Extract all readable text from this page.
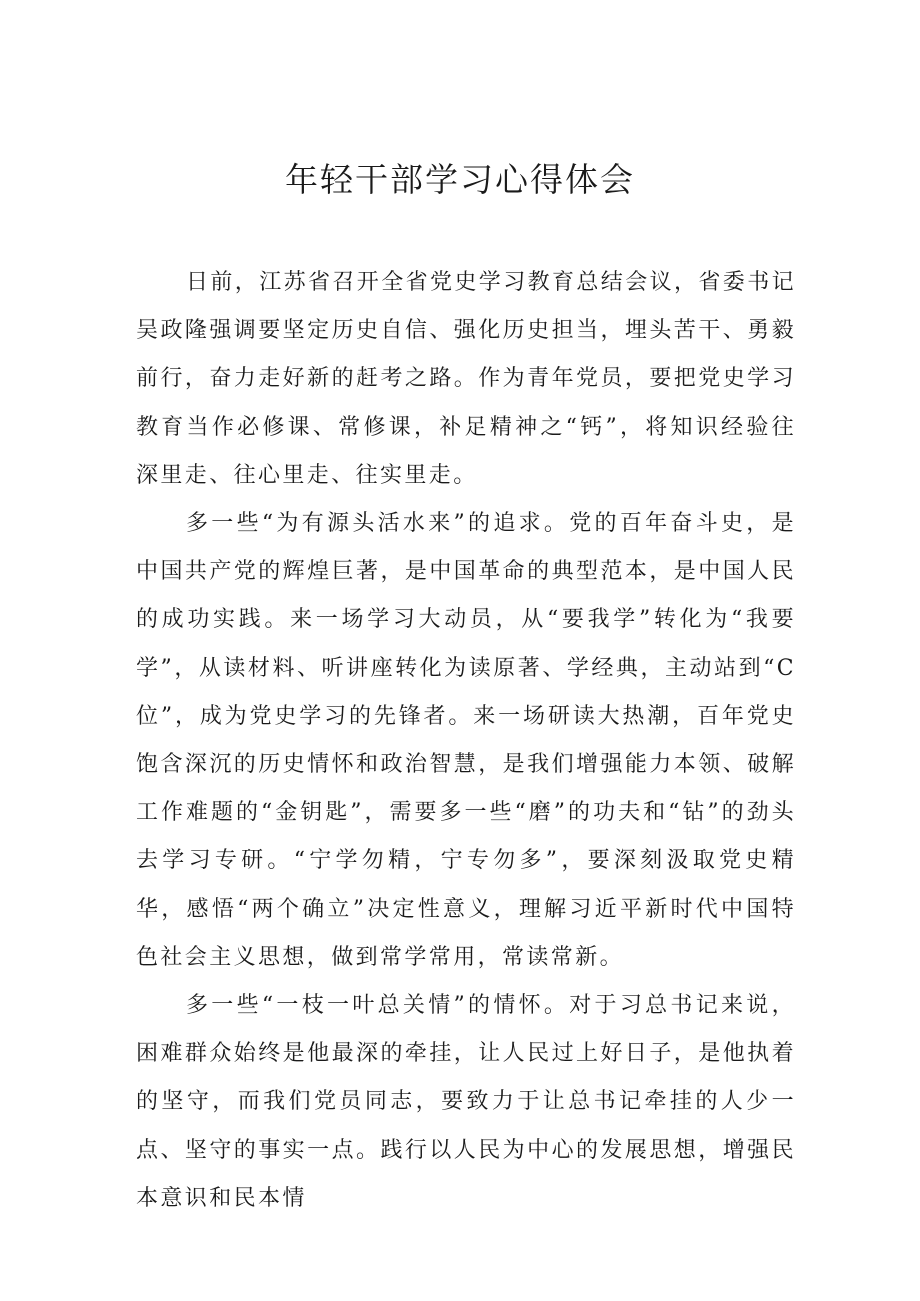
年轻干部学习心得体会

日前，江苏省召开全省党史学习教育总结会议，省委书记吴政隆强调要坚定历史自信、强化历史担当，埋头苦干、勇毅前行，奋力走好新的赶考之路。作为青年党员，要把党史学习教育当作必修课、常修课，补足精神之“钙”，将知识经验往深里走、往心里走、往实里走。

多一些“为有源头活水来”的追求。党的百年奋斗史，是中国共产党的辉煌巨著，是中国革命的典型范本，是中国人民的成功实践。来一场学习大动员，从“要我学”转化为“我要学”，从读材料、听讲座转化为读原著、学经典，主动站到“C位”，成为党史学习的先锋者。来一场研读大热潮，百年党史饱含深沉的历史情怀和政治智慧，是我们增强能力本领、破解工作难题的“金钥匙”，需要多一些“磨”的功夫和“钻”的劲头去学习专研。“宁学勿精，宁专勿多”，要深刻汲取党史精华，感悟“两个确立”决定性意义，理解习近平新时代中国特色社会主义思想，做到常学常用，常读常新。

多一些“一枝一叶总关情”的情怀。对于习总书记来说，困难群众始终是他最深的牵挂，让人民过上好日子，是他执着的坚守，而我们党员同志，要致力于让总书记牵挂的人少一点、坚守的事实一点。践行以人民为中心的发展思想，增强民本意识和民本情
